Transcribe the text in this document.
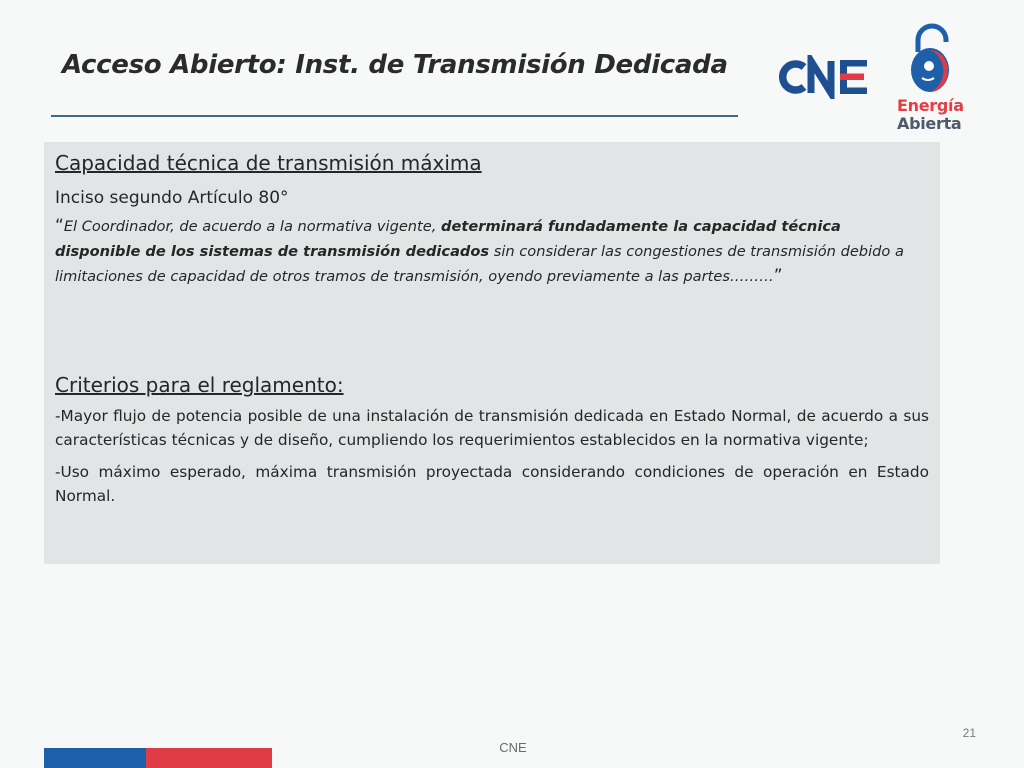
Acceso Abierto: Inst. de Transmisión Dedicada
Energía
Abierta
Capacidad técnica de transmisión máxima
Inciso segundo Artículo 80°
“El Coordinador, de acuerdo a la normativa vigente, determinará fundadamente la capacidad técnica disponible de los sistemas de transmisión dedicados sin considerar las congestiones de transmisión debido a limitaciones de capacidad de otros tramos de transmisión, oyendo previamente a las partes………”
Criterios para el reglamento:
-Mayor flujo de potencia posible de una instalación de transmisión dedicada en Estado Normal, de acuerdo a sus características técnicas y de diseño, cumpliendo los requerimientos establecidos en la normativa vigente;
-Uso máximo esperado, máxima transmisión proyectada considerando condiciones de operación en Estado Normal.
21
CNE
